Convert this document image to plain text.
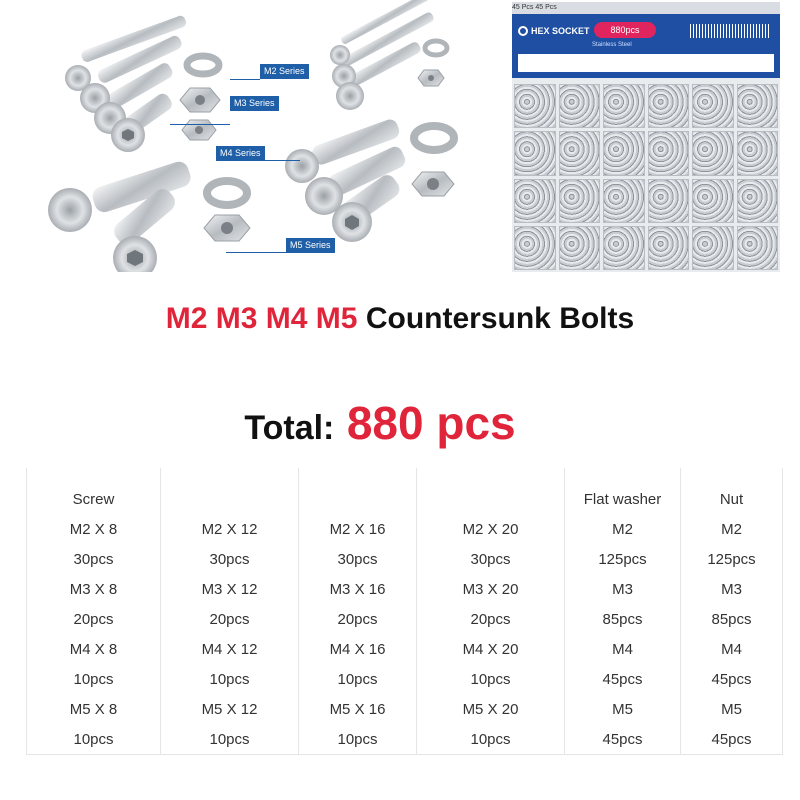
M2 Series
M3 Series
M4 Series
M5 Series
45 Pcs 45 Pcs
HEX SOCKET	880pcs
Stainless Steel
M2 M3 M4 M5 Countersunk Bolts
Total: 880 pcs
Screw				Flat washer	Nut
M2 X 8	M2 X 12	M2 X 16	M2 X 20	M2	M2
30pcs	30pcs	30pcs	30pcs	125pcs	125pcs
M3 X 8	M3 X 12	M3 X 16	M3 X 20	M3	M3
20pcs	20pcs	20pcs	20pcs	85pcs	85pcs
M4 X 8	M4 X 12	M4 X 16	M4 X 20	M4	M4
10pcs	10pcs	10pcs	10pcs	45pcs	45pcs
M5 X 8	M5 X 12	M5 X 16	M5 X 20	M5	M5
10pcs	10pcs	10pcs	10pcs	45pcs	45pcs
